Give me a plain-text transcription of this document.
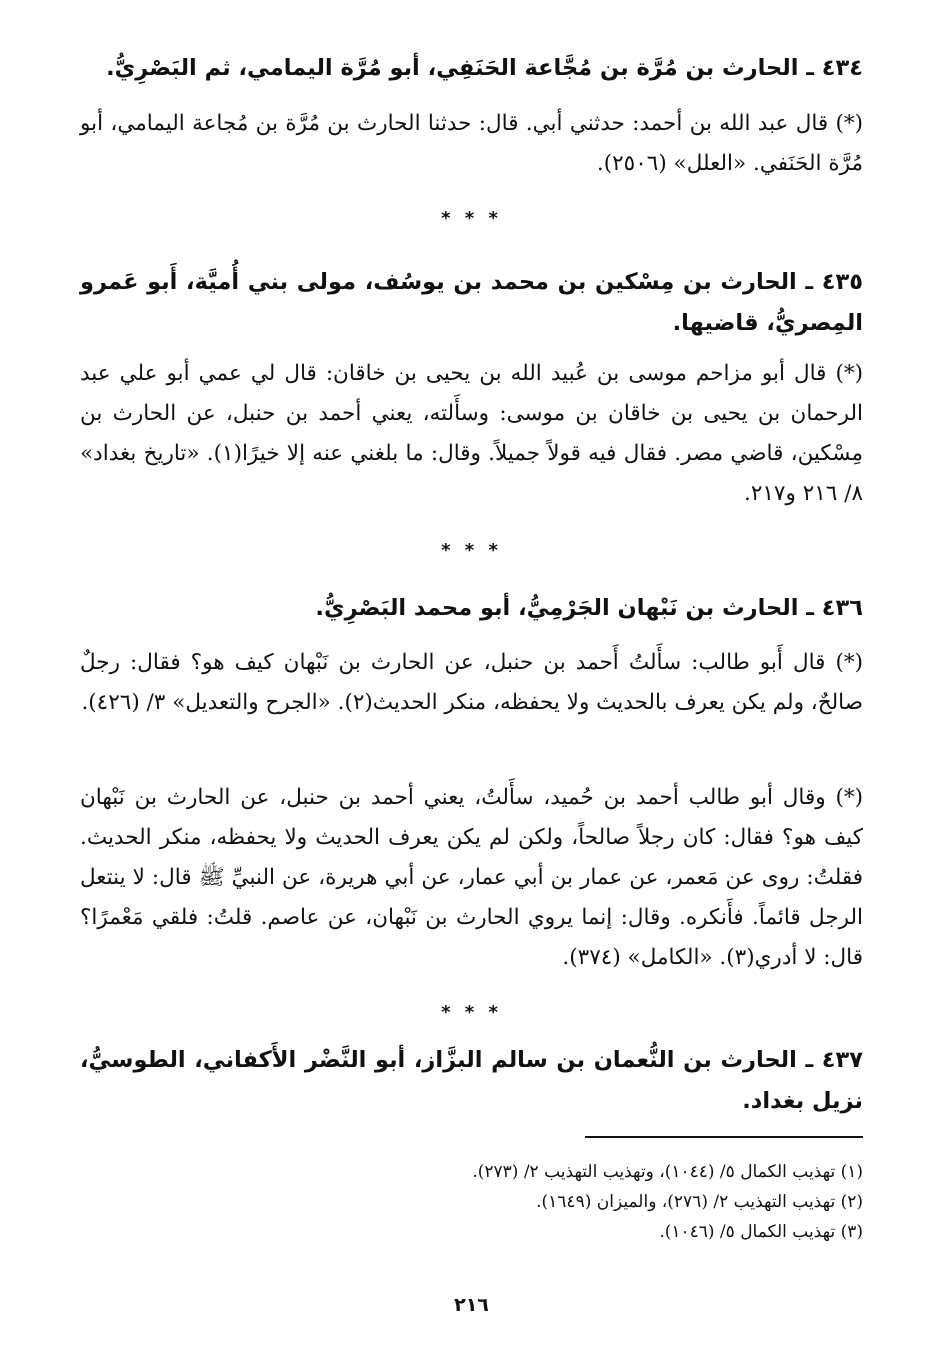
٤٣٤ ـ الحارث بن مُرَّة بن مُجَّاعة الحَنَفِي، أبو مُرَّة اليمامي، ثم البَصْرِيُّ.
(*) قال عبد الله بن أحمد: حدثني أبي. قال: حدثنا الحارث بن مُرَّة بن مُجاعة اليمامي، أبو مُرَّة الحَنَفي. «العلل» (٢٥٠٦).
* * *
٤٣٥ ـ الحارث بن مِسْكين بن محمد بن يوسُف، مولى بني أُميَّة، أَبو عَمرو المِصريُّ، قاضيها.
(*) قال أبو مزاحم موسى بن عُبيد الله بن يحيى بن خاقان: قال لي عمي أبو علي عبد الرحمان بن يحيى بن خاقان بن موسى: وسأَلته، يعني أحمد بن حنبل، عن الحارث بن مِسْكين، قاضي مصر. فقال فيه قولاً جميلاً. وقال: ما بلغني عنه إلا خيرًا(١). «تاريخ بغداد» ٨/ ٢١٦ و٢١٧.
* * *
٤٣٦ ـ الحارث بن نَبْهان الجَرْمِيُّ، أبو محمد البَصْرِيُّ.
(*) قال أَبو طالب: سأَلتُ أَحمد بن حنبل، عن الحارث بن نَبْهان كيف هو؟ فقال: رجلٌ صالحٌ، ولم يكن يعرف بالحديث ولا يحفظه، منكر الحديث(٢). «الجرح والتعديل» ٣/ (٤٢٦).
(*) وقال أبو طالب أحمد بن حُميد، سأَلتُ، يعني أحمد بن حنبل، عن الحارث بن نَبْهان كيف هو؟ فقال: كان رجلاً صالحاً، ولكن لم يكن يعرف الحديث ولا يحفظه، منكر الحديث. فقلتُ: روى عن مَعمر، عن عمار بن أبي عمار، عن أبي هريرة، عن النبيِّ ﷺ قال: لا ينتعل الرجل قائماً. فأَنكره. وقال: إنما يروي الحارث بن نَبْهان، عن عاصم. قلتُ: فلقي مَعْمرًا؟ قال: لا أدري(٣). «الكامل» (٣٧٤).
* * *
٤٣٧ ـ الحارث بن النُّعمان بن سالم البزَّاز، أبو النَّضْر الأَكفاني، الطوسيُّ، نزيل بغداد.
(١) تهذيب الكمال ٥/ (١٠٤٤)، وتهذيب التهذيب ٢/ (٢٧٣).
(٢) تهذيب التهذيب ٢/ (٢٧٦)، والميزان (١٦٤٩).
(٣) تهذيب الكمال ٥/ (١٠٤٦).
٢١٦
